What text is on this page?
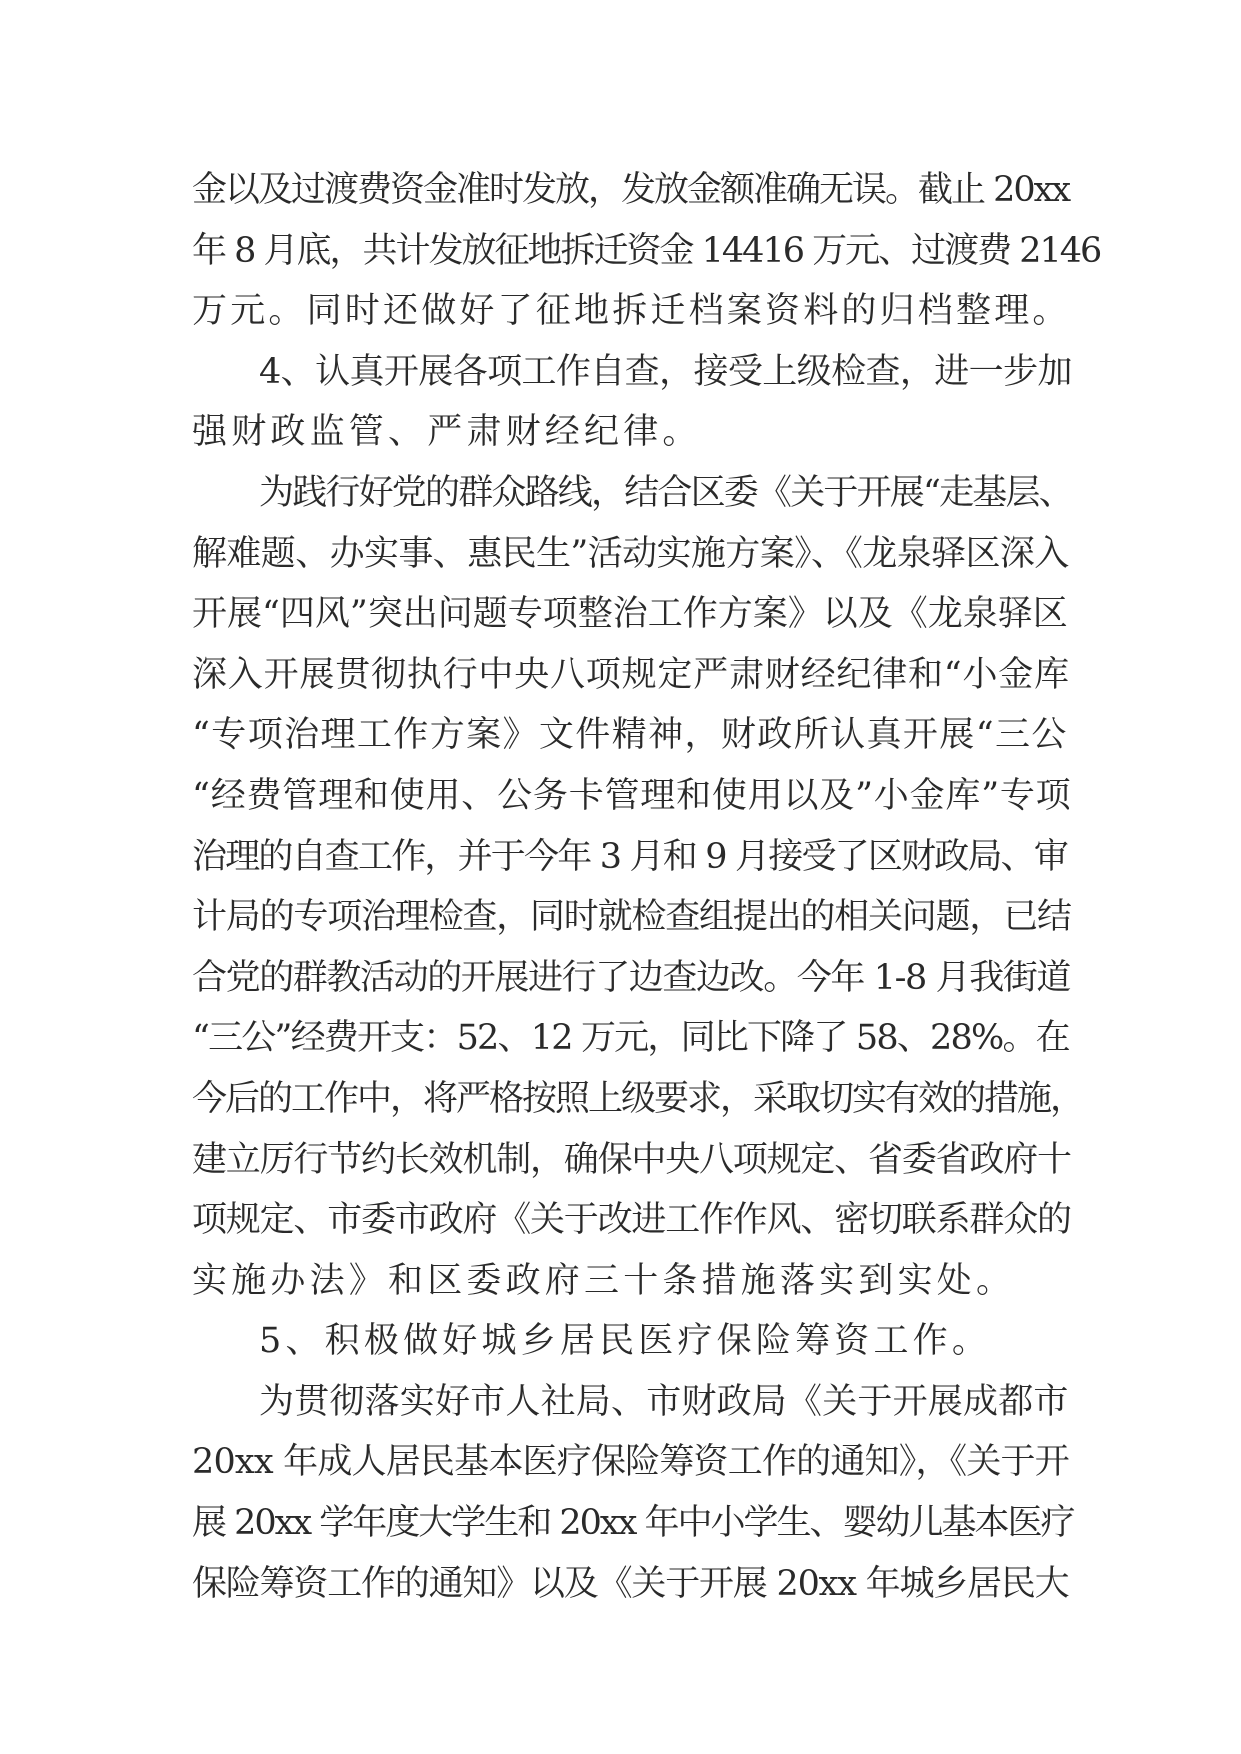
金以及过渡费资金准时发放，发放金额准确无误。截止 20xx
年 8 月底，共计发放征地拆迁资金 14416 万元、过渡费 2146
万元。同时还做好了征地拆迁档案资料的归档整理。
4、认真开展各项工作自查，接受上级检查，进一步加
强财政监管、严肃财经纪律。
为践行好党的群众路线，结合区委《关于开展“走基层、
解难题、办实事、惠民生”活动实施方案》、《龙泉驿区深入
开展“四风”突出问题专项整治工作方案》以及《龙泉驿区
深入开展贯彻执行中央八项规定严肃财经纪律和“小金库
“专项治理工作方案》文件精神，财政所认真开展“三公
“经费管理和使用、公务卡管理和使用以及”小金库”专项
治理的自查工作，并于今年 3 月和 9 月接受了区财政局、审
计局的专项治理检查，同时就检查组提出的相关问题，已结
合党的群教活动的开展进行了边查边改。今年 1-8 月我街道
“三公”经费开支：52、12 万元，同比下降了 58、28%。在
今后的工作中，将严格按照上级要求，采取切实有效的措施，
建立厉行节约长效机制，确保中央八项规定、省委省政府十
项规定、市委市政府《关于改进工作作风、密切联系群众的
实施办法》和区委政府三十条措施落实到实处。
5、积极做好城乡居民医疗保险筹资工作。
为贯彻落实好市人社局、市财政局《关于开展成都市
20xx 年成人居民基本医疗保险筹资工作的通知》，《关于开
展 20xx 学年度大学生和 20xx 年中小学生、婴幼儿基本医疗
保险筹资工作的通知》以及《关于开展 20xx 年城乡居民大
